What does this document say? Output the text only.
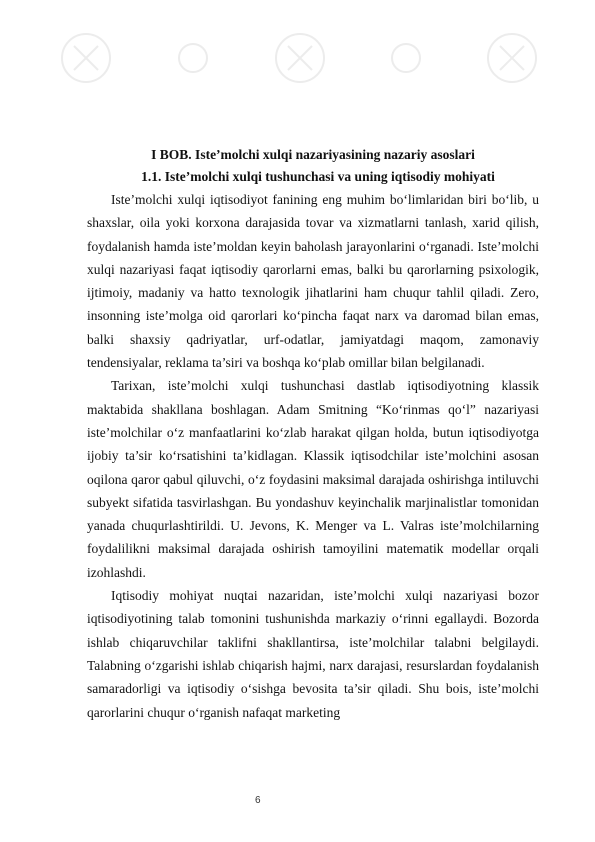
I BOB. Iste’molchi xulqi nazariyasining nazariy asoslari

1.1. Iste’molchi xulqi tushunchasi va uning iqtisodiy mohiyati

Iste’molchi xulqi iqtisodiyot fanining eng muhim bo‘limlaridan biri bo‘lib, u shaxslar, oila yoki korxona darajasida tovar va xizmatlarni tanlash, xarid qilish, foydalanish hamda iste’moldan keyin baholash jarayonlarini o‘rganadi. Iste’molchi xulqi nazariyasi faqat iqtisodiy qarorlarni emas, balki bu qarorlarning psixologik, ijtimoiy, madaniy va hatto texnologik jihatlarini ham chuqur tahlil qiladi. Zero, insonning iste’molga oid qarorlari ko‘pincha faqat narx va daromad bilan emas, balki shaxsiy qadriyatlar, urf-odatlar, jamiyatdagi maqom, zamonaviy tendensiyalar, reklama ta’siri va boshqa ko‘plab omillar bilan belgilanadi.

Tarixan, iste’molchi xulqi tushunchasi dastlab iqtisodiyotning klassik maktabida shakllana boshlagan. Adam Smitning “Ko‘rinmas qo‘l” nazariyasi iste’molchilar o‘z manfaatlarini ko‘zlab harakat qilgan holda, butun iqtisodiyotga ijobiy ta’sir ko‘rsatishini ta’kidlagan. Klassik iqtisodchilar iste’molchini asosan oqilona qaror qabul qiluvchi, o‘z foydasini maksimal darajada oshirishga intiluvchi subyekt sifatida tasvirlashgan. Bu yondashuv keyinchalik marjinalistlar tomonidan yanada chuqurlashtirildi. U. Jevons, K. Menger va L. Valras iste’molchilarning foydalilikni maksimal darajada oshirish tamoyilini matematik modellar orqali izohlashdi.

Iqtisodiy mohiyat nuqtai nazaridan, iste’molchi xulqi nazariyasi bozor iqtisodiyotining talab tomonini tushunishda markaziy o‘rinni egallaydi. Bozorda ishlab chiqaruvchilar taklifni shakllantirsa, iste’molchilar talabni belgilaydi. Talabning o‘zgarishi ishlab chiqarish hajmi, narx darajasi, resurslardan foydalanish samaradorligi va iqtisodiy o‘sishga bevosita ta’sir qiladi. Shu bois, iste’molchi qarorlarini chuqur o‘rganish nafaqat marketing

6
